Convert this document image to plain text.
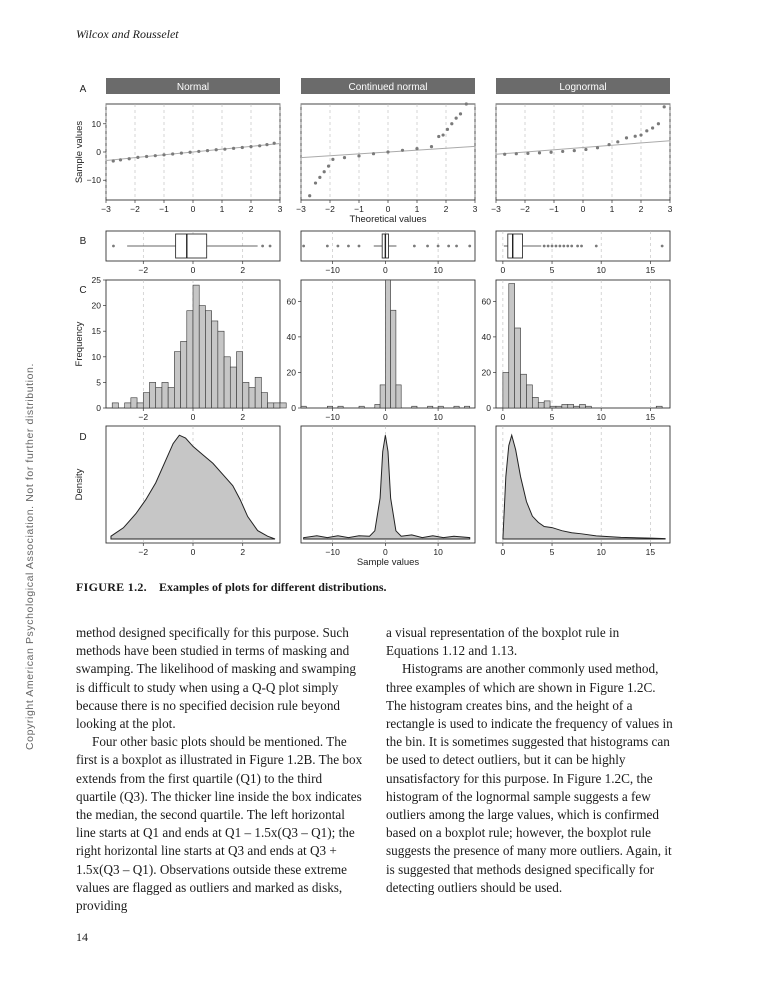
Wilcox and Rousselet
Copyright American Psychological Association. Not for further distribution.
A
B
C
D
Normal	Continued normal	Lognormal
−3 −2 −1	0	1	2	3
10
0
−10
−3 −2 −1	0	1	2	3 −3 −2 −1	0	1	2	3
Sample values
Theoretical values
−2	0	2	−10	0	10	0	5	10	15
−2	0	2
0
5
10
15
20
25
−10	0	10
0
20
40
60
0	5	10	15
0
20
40
60
Frequency
−2	0	2	−10	0	10	0	5	10	15
Density
Sample values
FIGURE 1.2. Examples of plots for different distributions.

method designed specifically for this purpose. Such methods have been studied in terms of masking and swamping. The likelihood of masking and swamping is difficult to study when using a Q-Q plot simply because there is no specified decision rule beyond looking at the plot.

Four other basic plots should be mentioned. The first is a boxplot as illustrated in Figure 1.2B. The box extends from the first quartile (Q1) to the third quartile (Q3). The thicker line inside the box indicates the median, the second quartile. The left horizontal line starts at Q1 and ends at Q1 – 1.5x(Q3 – Q1); the right horizontal line starts at Q3 and ends at Q3 + 1.5x(Q3 – Q1). Observations outside these extreme values are flagged as outliers and marked as disks, providing

a visual representation of the boxplot rule in Equations 1.12 and 1.13.

Histograms are another commonly used method, three examples of which are shown in Figure 1.2C. The histogram creates bins, and the height of a rectangle is used to indicate the frequency of values in the bin. It is sometimes suggested that histograms can be used to detect outliers, but it can be highly unsatisfactory for this purpose. In Figure 1.2C, the histogram of the lognormal sample suggests a few outliers among the large values, which is confirmed based on a boxplot rule; however, the boxplot rule suggests the presence of many more outliers. Again, it is suggested that methods designed specifically for detecting outliers should be used.

14
